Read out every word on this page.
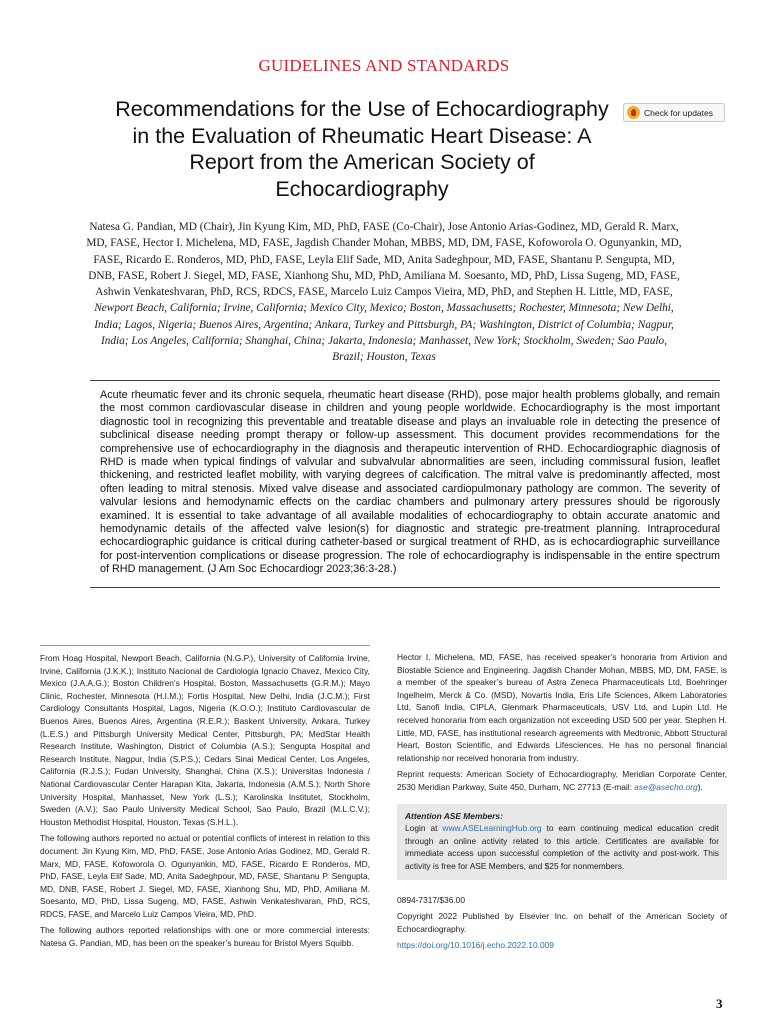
GUIDELINES AND STANDARDS
Recommendations for the Use of Echocardiography in the Evaluation of Rheumatic Heart Disease: A Report from the American Society of Echocardiography
Check for updates
Natesa G. Pandian, MD (Chair), Jin Kyung Kim, MD, PhD, FASE (Co-Chair), Jose Antonio Arias-Godinez, MD, Gerald R. Marx, MD, FASE, Hector I. Michelena, MD, FASE, Jagdish Chander Mohan, MBBS, MD, DM, FASE, Kofoworola O. Ogunyankin, MD, FASE, Ricardo E. Ronderos, MD, PhD, FASE, Leyla Elif Sade, MD, Anita Sadeghpour, MD, FASE, Shantanu P. Sengupta, MD, DNB, FASE, Robert J. Siegel, MD, FASE, Xianhong Shu, MD, PhD, Amiliana M. Soesanto, MD, PhD, Lissa Sugeng, MD, FASE, Ashwin Venkateshvaran, PhD, RCS, RDCS, FASE, Marcelo Luiz Campos Vieira, MD, PhD, and Stephen H. Little, MD, FASE, Newport Beach, California; Irvine, California; Mexico City, Mexico; Boston, Massachusetts; Rochester, Minnesota; New Delhi, India; Lagos, Nigeria; Buenos Aires, Argentina; Ankara, Turkey and Pittsburgh, PA; Washington, District of Columbia; Nagpur, India; Los Angeles, California; Shanghai, China; Jakarta, Indonesia; Manhasset, New York; Stockholm, Sweden; Sao Paulo, Brazil; Houston, Texas
Acute rheumatic fever and its chronic sequela, rheumatic heart disease (RHD), pose major health problems globally, and remain the most common cardiovascular disease in children and young people worldwide. Echocardiography is the most important diagnostic tool in recognizing this preventable and treatable disease and plays an invaluable role in detecting the presence of subclinical disease needing prompt therapy or follow-up assessment. This document provides recommendations for the comprehensive use of echocardiography in the diagnosis and therapeutic intervention of RHD. Echocardiographic diagnosis of RHD is made when typical findings of valvular and subvalvular abnormalities are seen, including commissural fusion, leaflet thickening, and restricted leaflet mobility, with varying degrees of calcification. The mitral valve is predominantly affected, most often leading to mitral stenosis. Mixed valve disease and associated cardiopulmonary pathology are common. The severity of valvular lesions and hemodynamic effects on the cardiac chambers and pulmonary artery pressures should be rigorously examined. It is essential to take advantage of all available modalities of echocardiography to obtain accurate anatomic and hemodynamic details of the affected valve lesion(s) for diagnostic and strategic pre-treatment planning. Intraprocedural echocardiographic guidance is critical during catheter-based or surgical treatment of RHD, as is echocardiographic surveillance for post-intervention complications or disease progression. The role of echocardiography is indispensable in the entire spectrum of RHD management. (J Am Soc Echocardiogr 2023;36:3-28.)

From Hoag Hospital, Newport Beach, California (N.G.P.), University of California Irvine, Irvine, California (J.K.K.); Instituto Nacional de Cardiologia Ignacio Chavez, Mexico City, Mexico (J.A.A.G.); Boston Children’s Hospital, Boston, Massachusetts (G.R.M.); Mayo Clinic, Rochester, Minnesota (H.I.M.); Fortis Hospital, New Delhi, India (J.C.M.); First Cardiology Consultants Hospital, Lagos, Nigeria (K.O.O.); Instituto Cardiovascular de Buenos Aires, Buenos Aires, Argentina (R.E.R.); Baskent University, Ankara, Turkey (L.E.S.) and Pittsburgh University Medical Center, Pittsburgh, PA; MedStar Health Research Institute, Washington, District of Columbia (A.S.); Sengupta Hospital and Research Institute, Nagpur, India (S.P.S.); Cedars Sinai Medical Center, Los Angeles, California (R.J.S.); Fudan University, Shanghai, China (X.S.); Universitas Indonesia / National Cardiovascular Center Harapan Kita, Jakarta, Indonesia (A.M.S.); North Shore University Hospital, Manhasset, New York (L.S.); Karolinska Institutet, Stockholm, Sweden (A.V.); Sao Paulo University Medical School, Sao Paulo, Brazil (M.L.C.V.); Houston Methodist Hospital, Houston, Texas (S.H.L.).

The following authors reported no actual or potential conflicts of interest in relation to this document: Jin Kyung Kim, MD, PhD, FASE, Jose Antonio Arias Godinez, MD, Gerald R. Marx, MD, FASE, Kofoworola O. Ogunyankin, MD, FASE, Ricardo E Ronderos, MD, PhD, FASE, Leyla Elif Sade, MD, Anita Sadeghpour, MD, FASE, Shantanu P. Sengupta, MD, DNB, FASE, Robert J. Siegel, MD, FASE, Xianhong Shu, MD, PhD, Amiliana M. Soesanto, MD, PhD, Lissa Sugeng, MD, FASE, Ashwin Venkateshvaran, PhD, RCS, RDCS, FASE, and Marcelo Luiz Campos Vieira, MD, PhD.

The following authors reported relationships with one or more commercial interests: Natesa G. Pandian, MD, has been on the speaker’s bureau for Bristol Myers Squibb.

Hector I. Michelena, MD, FASE, has received speaker’s honoraria from Artivion and Biostable Science and Engineering. Jagdish Chander Mohan, MBBS, MD, DM, FASE, is a member of the speaker’s bureau of Astra Zeneca Pharmaceuticals Ltd, Boehringer Ingelheim, Merck & Co. (MSD), Novartis India, Eris Life Sciences, Alkem Laboratories Ltd, Sanofi India, CIPLA, Glenmark Pharmaceuticals, USV Ltd, and Lupin Ltd. He received honoraria from each organization not exceeding USD 500 per year. Stephen H. Little, MD, FASE, has institutional research agreements with Medtronic, Abbott Structural Heart, Boston Scientific, and Edwards Lifesciences. He has no personal financial relationship nor received honoraria from industry.

Reprint requests: American Society of Echocardiography, Meridian Corporate Center, 2530 Meridian Parkway, Suite 450, Durham, NC 27713 (E-mail: ase@asecho.org).

Attention ASE Members:
Login at www.ASELearningHub.org to earn continuing medical education credit through an online activity related to this article. Certificates are available for immediate access upon successful completion of the activity and post-work. This activity is free for ASE Members, and $25 for nonmembers.

0894-7317/$36.00

Copyright 2022 Published by Elsevier Inc. on behalf of the American Society of Echocardiography.

https://doi.org/10.1016/j.echo.2022.10.009

3
